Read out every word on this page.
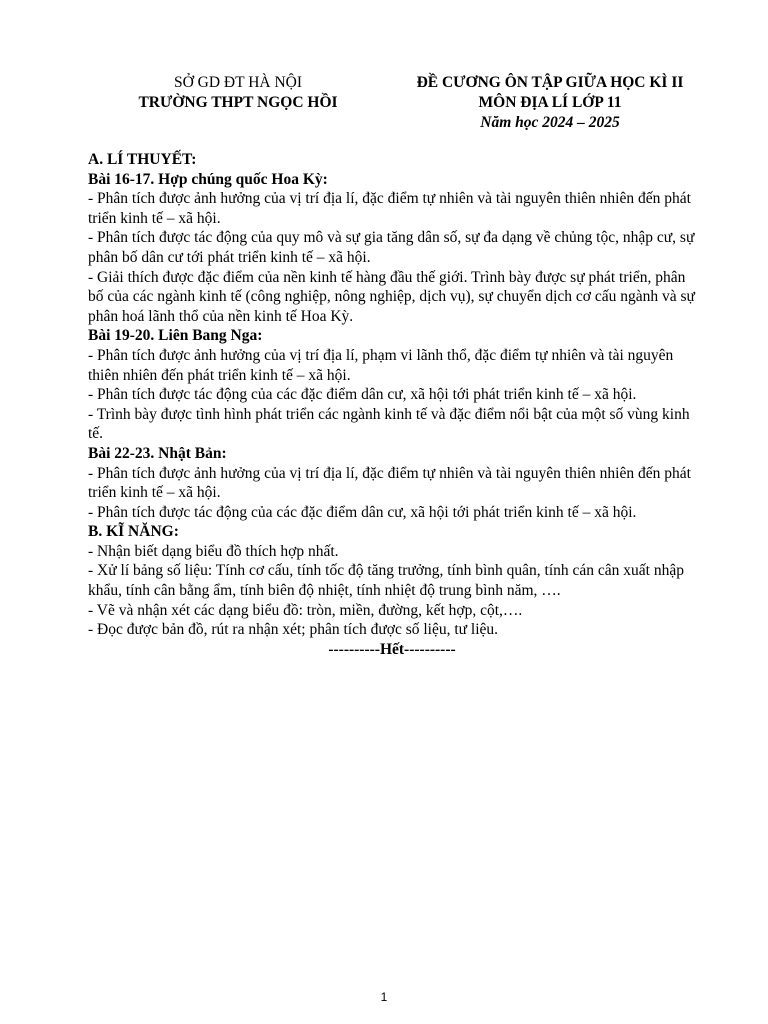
SỞ GD ĐT HÀ NỘI
TRƯỜNG THPT NGỌC HỒI
ĐỀ CƯƠNG ÔN TẬP GIỮA HỌC KÌ II
MÔN ĐỊA LÍ LỚP 11
Năm học 2024 – 2025

A. LÍ THUYẾT:

Bài 16-17. Hợp chúng quốc Hoa Kỳ:

- Phân tích được ảnh hưởng của vị trí địa lí, đặc điểm tự nhiên và tài nguyên thiên nhiên đến phát triển kinh tế – xã hội.

- Phân tích được tác động của quy mô và sự gia tăng dân số, sự đa dạng về chủng tộc, nhập cư, sự phân bố dân cư tới phát triển kinh tế – xã hội.

- Giải thích được đặc điểm của nền kinh tế hàng đầu thế giới. Trình bày được sự phát triển, phân bố của các ngành kinh tế (công nghiệp, nông nghiệp, dịch vụ), sự chuyển dịch cơ cấu ngành và sự phân hoá lãnh thổ của nền kinh tế Hoa Kỳ.

Bài 19-20. Liên Bang Nga:

- Phân tích được ảnh hưởng của vị trí địa lí, phạm vi lãnh thổ, đặc điểm tự nhiên và tài nguyên thiên nhiên đến phát triển kinh tế – xã hội.

- Phân tích được tác động của các đặc điểm dân cư, xã hội tới phát triển kinh tế – xã hội.

- Trình bày được tình hình phát triển các ngành kinh tế và đặc điểm nổi bật của một số vùng kinh tế.

Bài 22-23. Nhật Bản:

- Phân tích được ảnh hưởng của vị trí địa lí, đặc điểm tự nhiên và tài nguyên thiên nhiên đến phát triển kinh tế – xã hội.

- Phân tích được tác động của các đặc điểm dân cư, xã hội tới phát triển kinh tế – xã hội.

B. KĨ NĂNG:

- Nhận biết dạng biểu đồ thích hợp nhất.

- Xử lí bảng số liệu: Tính cơ cấu, tính tốc độ tăng trưởng, tính bình quân, tính cán cân xuất nhập khẩu, tính cân bằng ẩm, tính biên độ nhiệt, tính nhiệt độ trung bình năm, ….

- Vẽ và nhận xét các dạng biểu đồ: tròn, miền, đường, kết hợp, cột,….

- Đọc được bản đồ, rút ra nhận xét; phân tích được số liệu, tư liệu.

----------Hết----------

1
